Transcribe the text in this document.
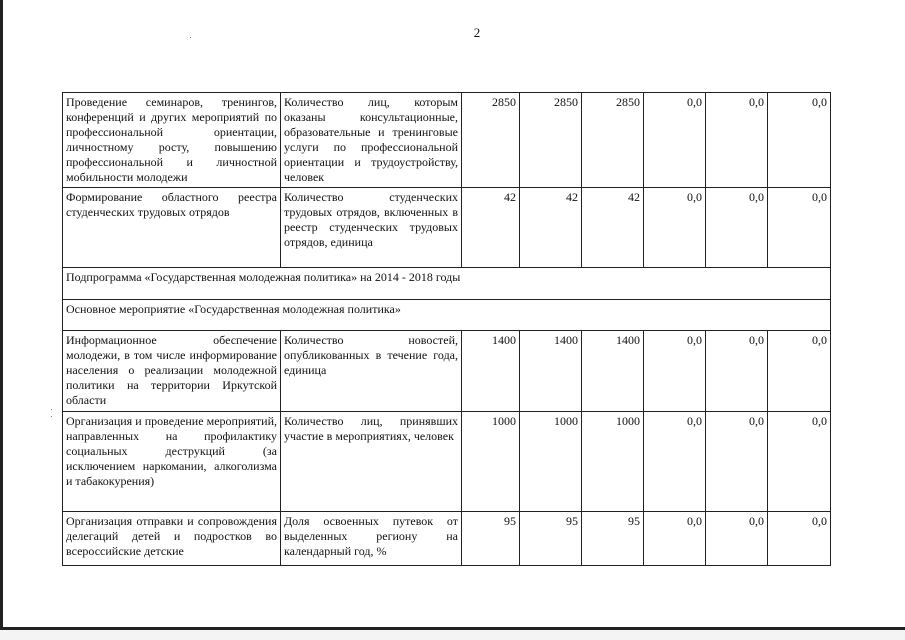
2
Проведение семинаров, тренингов, конференций и других мероприятий по профессиональной ориентации, личностному росту, повышению профессиональной и личностной мобильности молодежи	Количество лиц, которым оказаны консультационные, образовательные и тренинговые услуги по профессиональной ориентации и трудоустройству, человек	2850	2850	2850	0,0	0,0	0,0
Формирование областного реестра студенческих трудовых отрядов	Количество студенческих трудовых отрядов, включенных в реестр студенческих трудовых отрядов, единица	42	42	42	0,0	0,0	0,0
Подпрограмма «Государственная молодежная политика» на 2014 - 2018 годы							
Основное мероприятие «Государственная молодежная политика»							
Информационное обеспечение молодежи, в том числе информирование населения о реализации молодежной политики на территории Иркутской области	Количество новостей, опубликованных в течение года, единица	1400	1400	1400	0,0	0,0	0,0
Организация и проведение мероприятий, направленных на профилактику социальных деструкций (за исключением наркомании, алкоголизма и табакокурения)	Количество лиц, принявших участие в мероприятиях, человек	1000	1000	1000	0,0	0,0	0,0
Организация отправки и сопровождения делегаций детей и подростков во всероссийские детские	Доля освоенных путевок от выделенных региону на календарный год, %	95	95	95	0,0	0,0	0,0
